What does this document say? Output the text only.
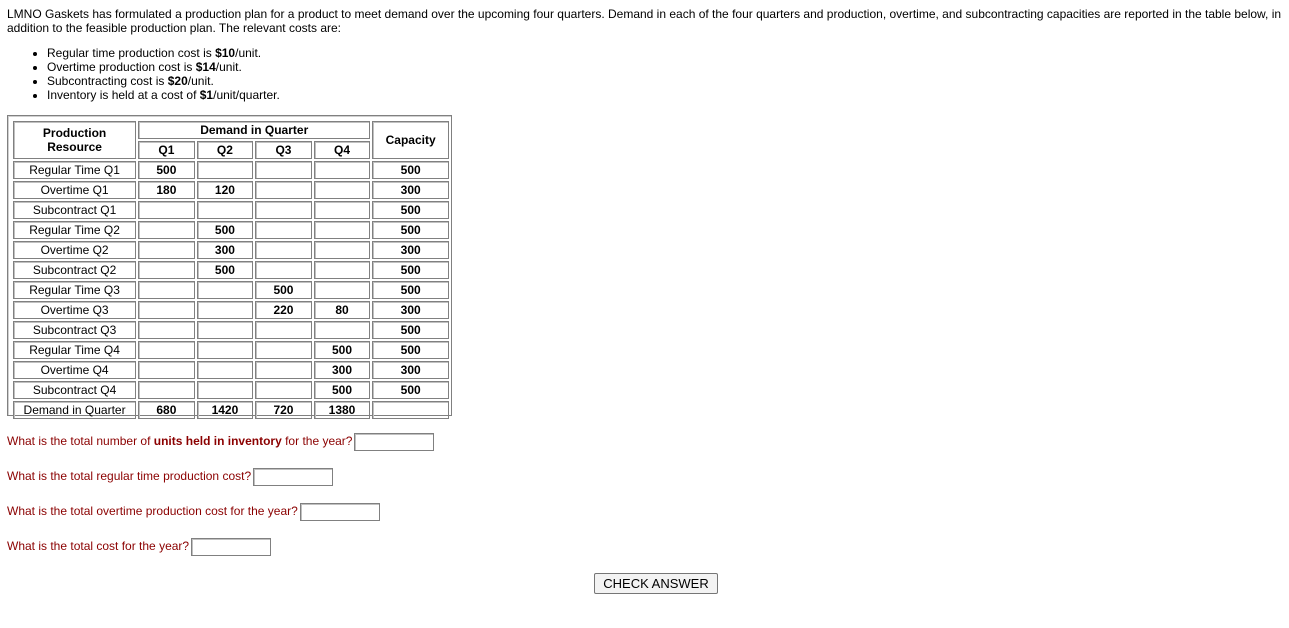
LMNO Gaskets has formulated a production plan for a product to meet demand over the upcoming four quarters. Demand in each of the four quarters and production, overtime, and subcontracting capacities are reported in the table below, in addition to the feasible production plan. The relevant costs are:

• Regular time production cost is $10/unit.
• Overtime production cost is $14/unit.
• Subcontracting cost is $20/unit.
• Inventory is held at a cost of $1/unit/quarter.
Production
Resource	Demand in Quarter				Capacity
	Q1	Q2	Q3	Q4	
Regular Time Q1	500				500
Overtime Q1	180	120			300
Subcontract Q1					500
Regular Time Q2		500			500
Overtime Q2		300			300
Subcontract Q2		500			500
Regular Time Q3			500		500
Overtime Q3			220	80	300
Subcontract Q3					500
Regular Time Q4				500	500
Overtime Q4				300	300
Subcontract Q4				500	500
Demand in Quarter	680	1420	720	1380	
What is the total number of units held in inventory for the year?
What is the total regular time production cost?
What is the total overtime production cost for the year?
What is the total cost for the year?
CHECK ANSWER
